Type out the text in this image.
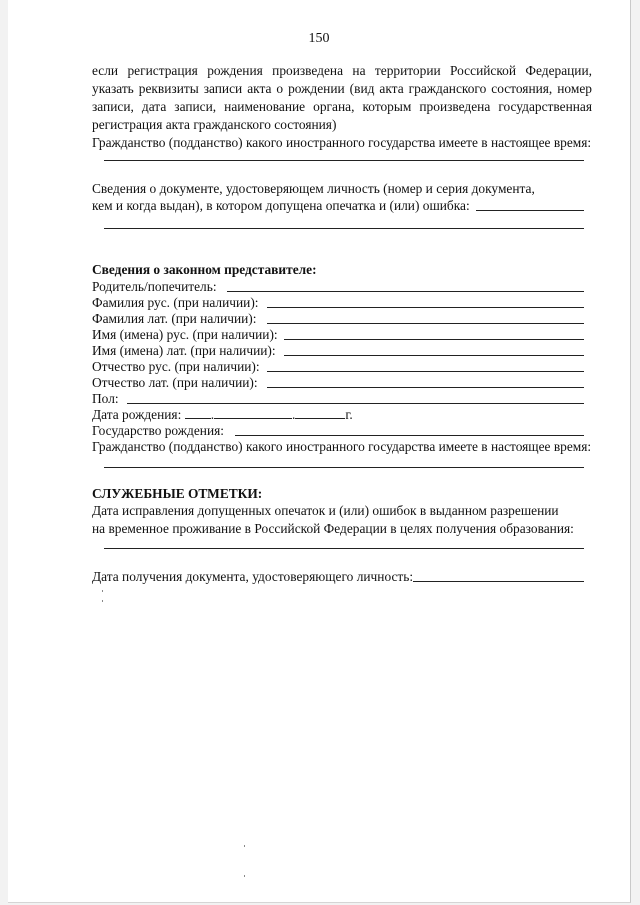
150
если регистрация рождения произведена на территории Российской Федерации, указать реквизиты записи акта о рождении (вид акта гражданского состояния, номер записи, дата записи, наименование органа, которым произведена государственная регистрация акта гражданского состояния)
Гражданство (подданство) какого иностранного государства имеете в настоящее время:
Сведения о документе, удостоверяющем личность (номер и серия документа,
кем и когда выдан), в котором допущена опечатка и (или) ошибка:
Сведения о законном представителе:
Родитель/попечитель:
Фамилия рус. (при наличии):
Фамилия лат. (при наличии):
Имя (имена) рус. (при наличии):
Имя (имена) лат. (при наличии):
Отчество рус. (при наличии):
Отчество лат. (при наличии):
Пол:
Дата рождения: .	.	г.
Государство рождения:
Гражданство (подданство) какого иностранного государства имеете в настоящее время:
СЛУЖЕБНЫЕ ОТМЕТКИ:
Дата исправления допущенных опечаток и (или) ошибок в выданном разрешении
на временное проживание в Российской Федерации в целях получения образования:
Дата получения документа, удостоверяющего личность:
